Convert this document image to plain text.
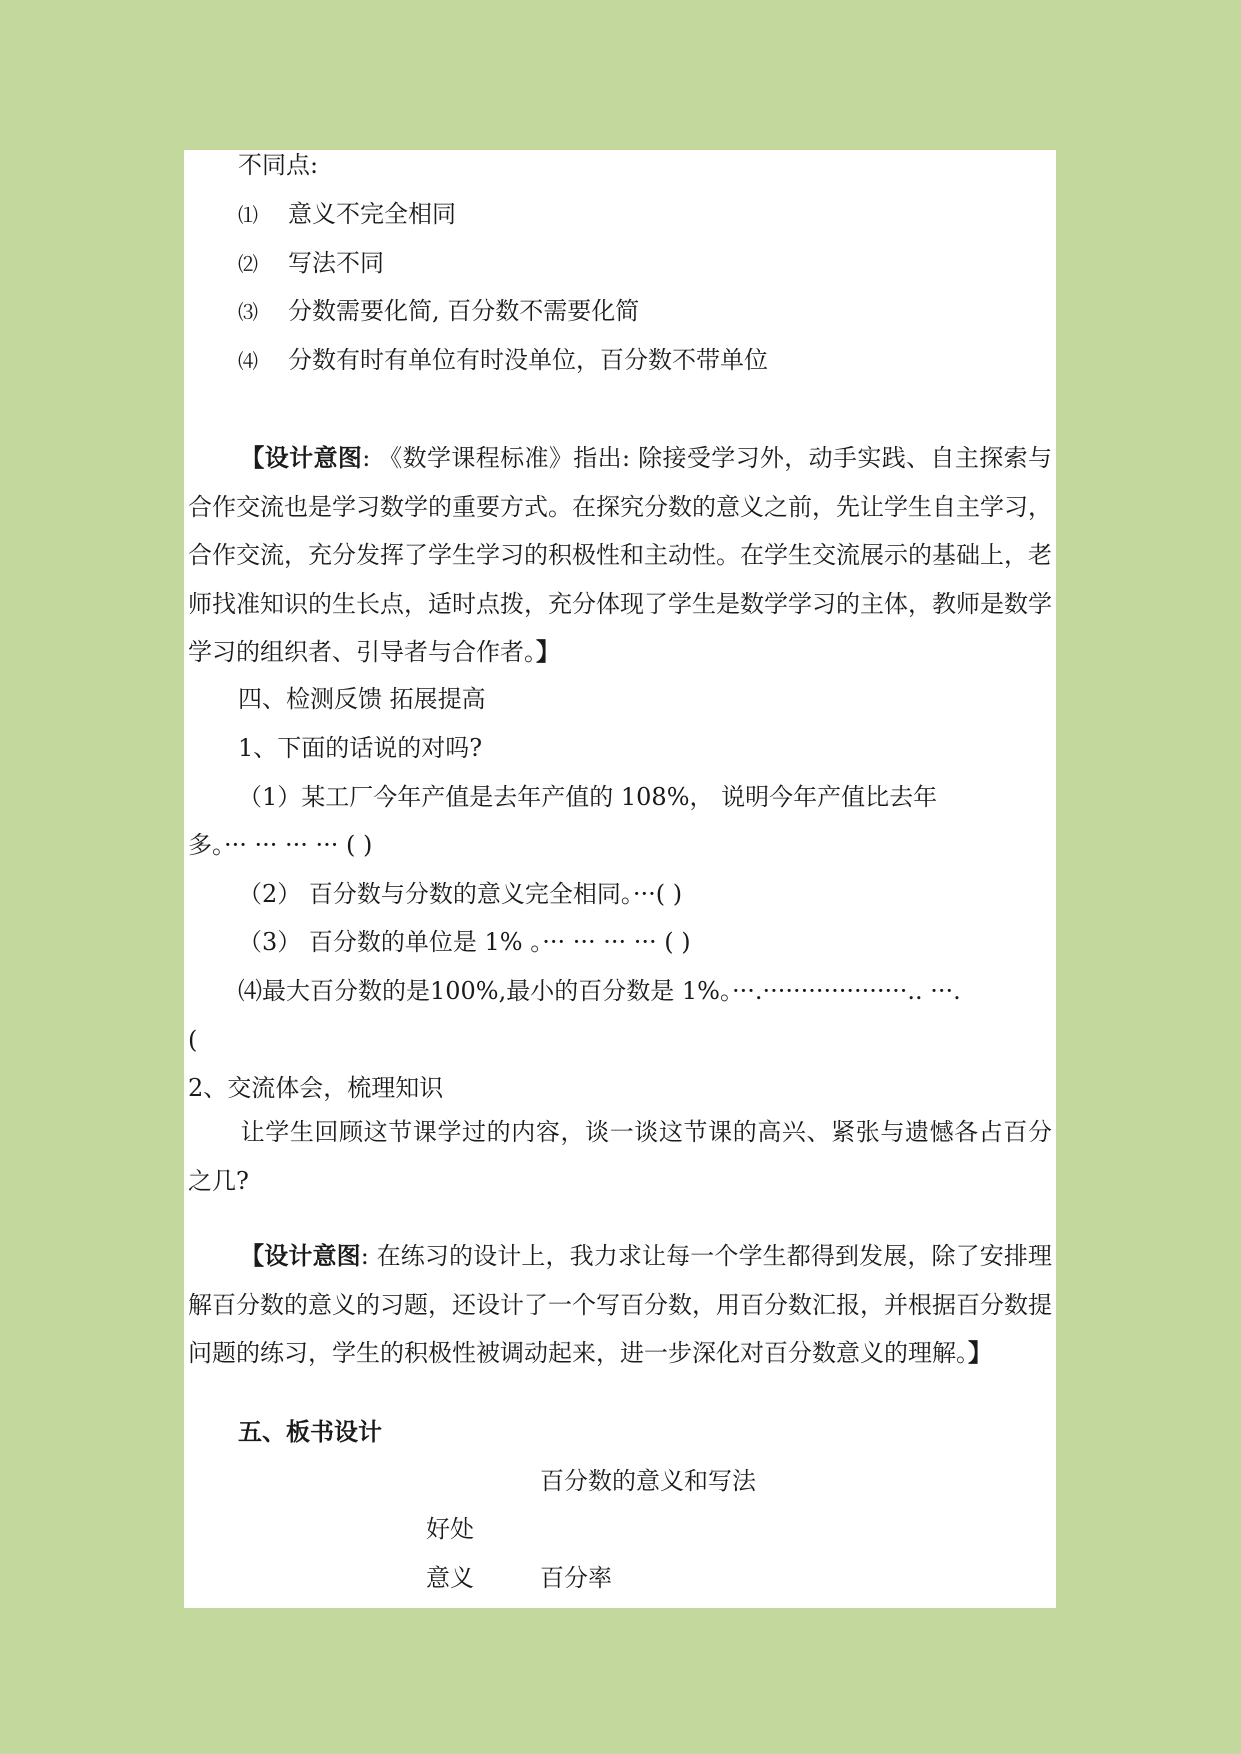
不同点:
⑴ 意义不完全相同
⑵ 写法不同
⑶ 分数需要化简, 百分数不需要化简
⑷ 分数有时有单位有时没单位，百分数不带单位
【设计意图: 《数学课程标准》指出: 除接受学习外，动手实践、自主探索与合作交流也是学习数学的重要方式。在探究分数的意义之前，先让学生自主学习，合作交流，充分发挥了学生学习的积极性和主动性。在学生交流展示的基础上，老师找准知识的生长点，适时点拨，充分体现了学生是数学学习的主体，教师是数学学习的组织者、引导者与合作者。】
四、检测反馈 拓展提高
1、下面的话说的对吗?
（1）某工厂今年产值是去年产值的 108%， 说明今年产值比去年
多。··· ··· ··· ··· ( )
（2） 百分数与分数的意义完全相同。···( )
（3） 百分数的单位是 1% 。··· ··· ··· ··· ( )
⑷最大百分数的是100%,最小的百分数是 1%。···.···················.. ···.
(
2、交流体会，梳理知识
让学生回顾这节课学过的内容，谈一谈这节课的高兴、紧张与遗憾各占百分之几?
【设计意图: 在练习的设计上，我力求让每一个学生都得到发展，除了安排理解百分数的意义的习题，还设计了一个写百分数，用百分数汇报，并根据百分数提问题的练习，学生的积极性被调动起来，进一步深化对百分数意义的理解。】
五、板书设计
百分数的意义和写法
好处
意义	百分率
